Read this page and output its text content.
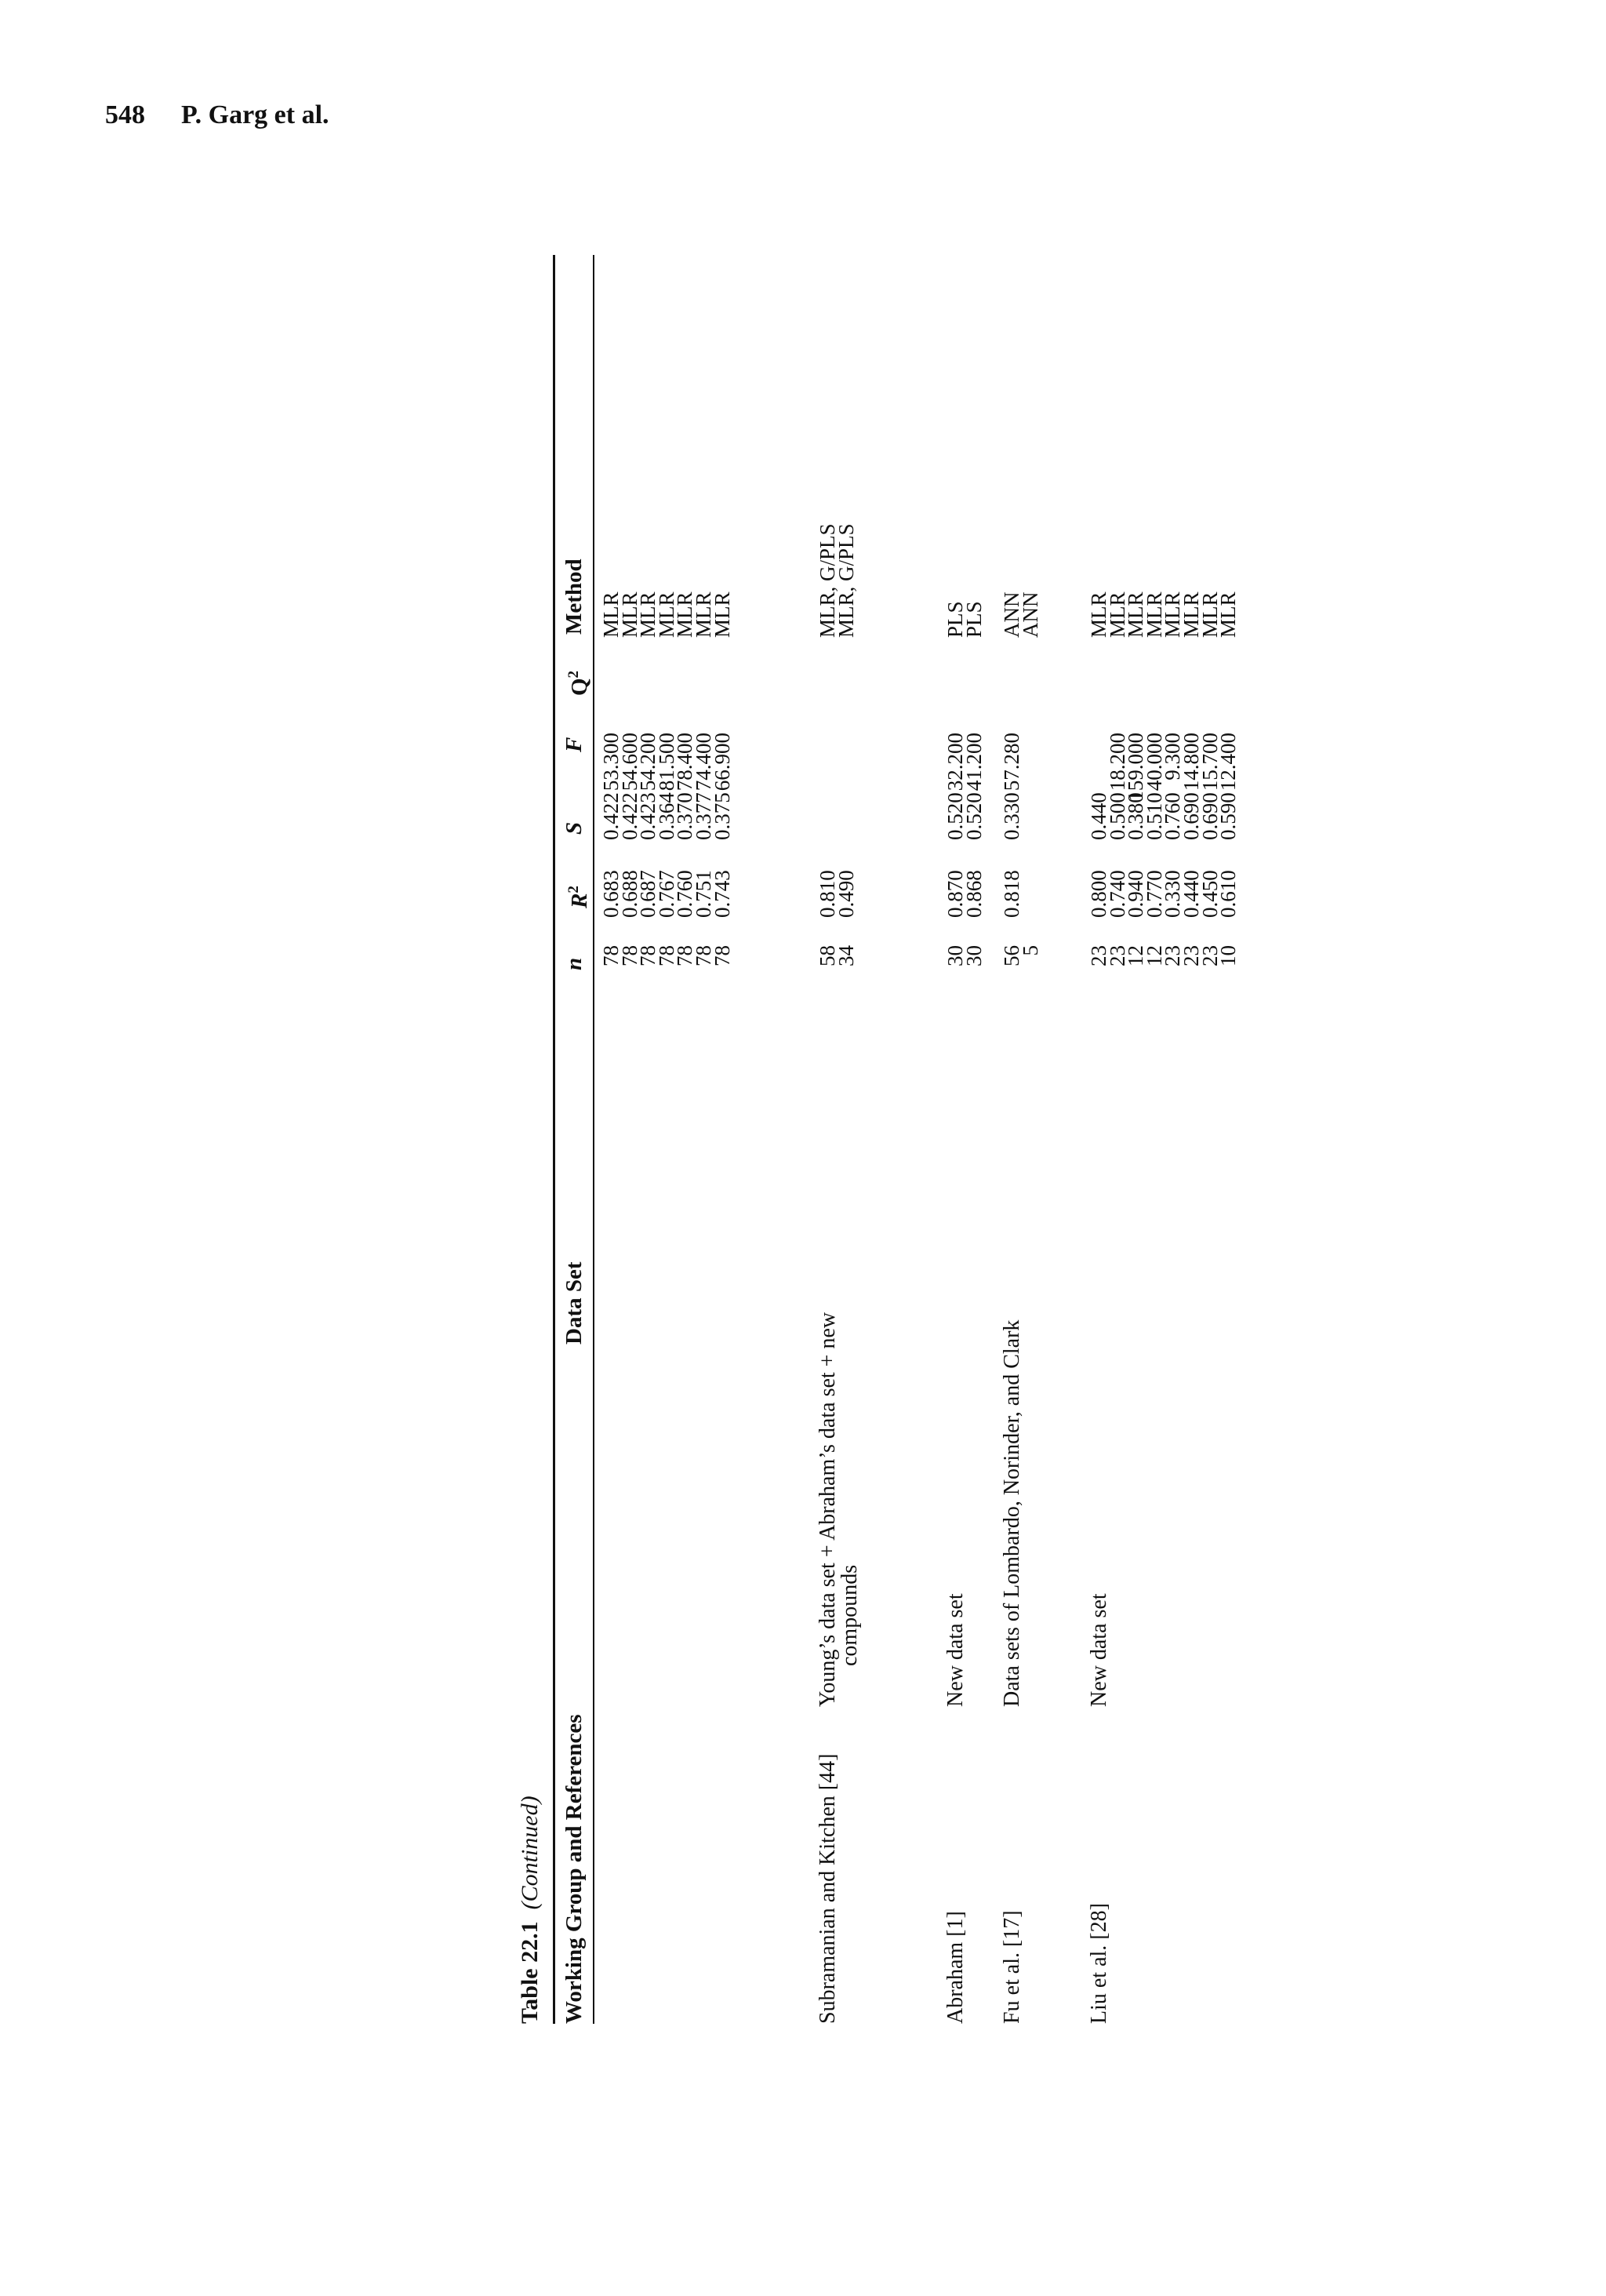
548 P. Garg et al.
Table 22.1  (Continued) Working Group and References
Data Set
n
$R^2$
S
F
$Q^2$
Method
78
78
78
78
78
78
78
0.683
0.688
0.687
0.767
0.760
0.751
0.743
0.422
0.422
0.423
0.364
0.370
0.377
0.375
53.300
54.600
54.200
81.500
78.400
74.400
66.900
MLR
MLR
MLR
MLR
MLR
MLR
MLR
Subramanian and Kitchen [44]
Young’s data set + Abraham’s data set + new
compounds
58
34
0.810
0.490
MLR, G/PLS
MLR, G/PLS
Abraham [1]
New data set
30
30
0.870
0.868
0.520
0.520
32.200
41.200
PLS
PLS
Fu et al. [17]
Data sets of Lombardo, Norinder, and Clark
56
5
0.818
0.330
57.280
ANN
ANN
Liu et al. [28]
New data set
23
23
12
12
23
23
23
10
0.800
0.740
0.940
0.770
0.330
0.440
0.450
0.610
0.440
0.500
0.380
0.510
0.760
0.690
0.690
0.590

18.200
159.000
40.000
9.300
14.800
15.700
12.400
MLR
MLR
MLR
MLR
MLR
MLR
MLR
MLR
